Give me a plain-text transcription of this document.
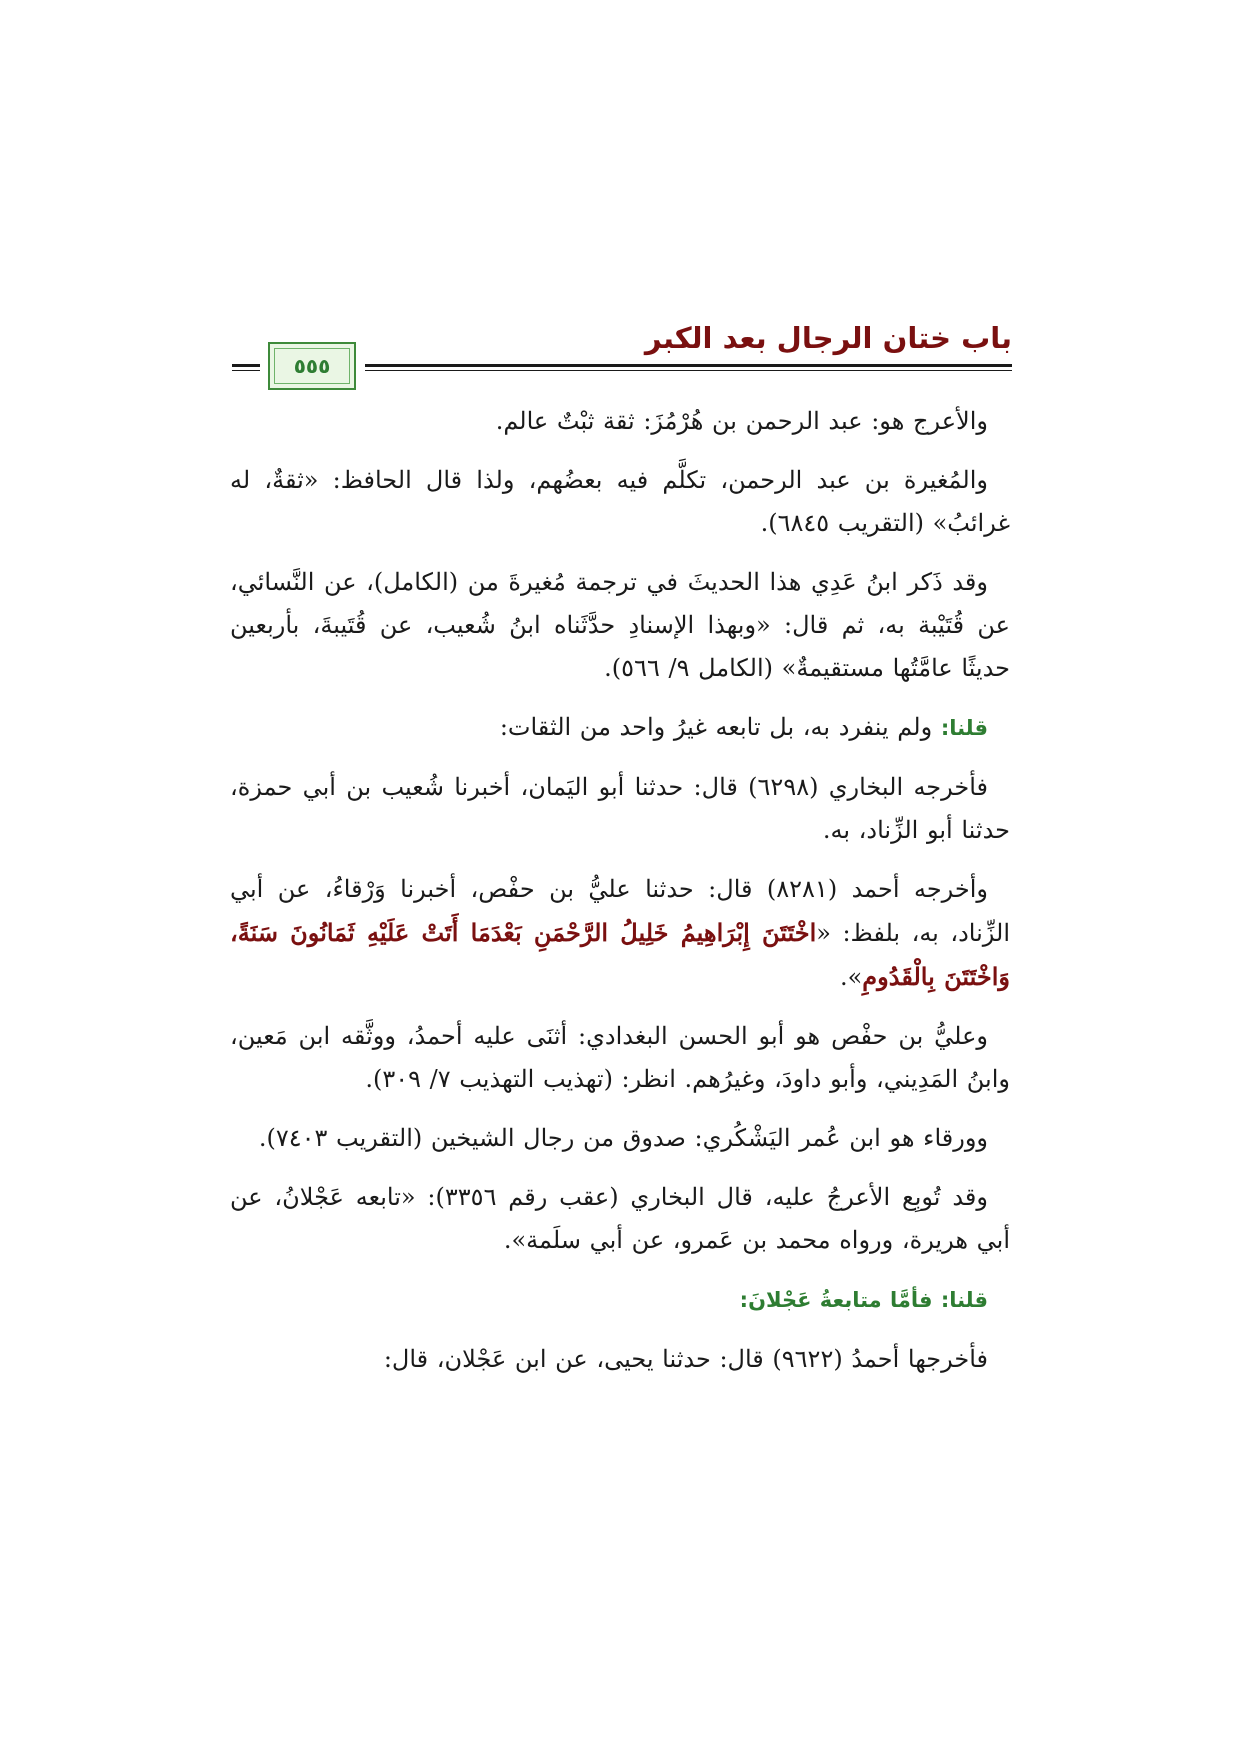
باب ختان الرجال بعد الكبر
٥٥٥

والأعرج هو: عبد الرحمن بن هُرْمُزَ: ثقة ثبْتٌ عالم.

والمُغيرة بن عبد الرحمن، تكلَّم فيه بعضُهم، ولذا قال الحافظ: «ثقةٌ، له غرائبُ» (التقريب ٦٨٤٥).

وقد ذَكر ابنُ عَدِي هذا الحديثَ في ترجمة مُغيرةَ من (الكامل)، عن النَّسائي، عن قُتَيْبة به، ثم قال: «وبهذا الإسنادِ حدَّثَناه ابنُ شُعيب، عن قُتَيبةَ، بأربعين حديثًا عامَّتُها مستقيمةٌ» (الكامل ٩/ ٥٦٦).

قلنا: ولم ينفرد به، بل تابعه غيرُ واحد من الثقات:

فأخرجه البخاري (٦٢٩٨) قال: حدثنا أبو اليَمان، أخبرنا شُعيب بن أبي حمزة، حدثنا أبو الزِّناد، به.

وأخرجه أحمد (٨٢٨١) قال: حدثنا عليُّ بن حفْص، أخبرنا وَرْقاءُ، عن أبي الزِّناد، به، بلفظ: «اخْتَتَنَ إِبْرَاهِيمُ خَلِيلُ الرَّحْمَنِ بَعْدَمَا أَتَتْ عَلَيْهِ ثَمَانُونَ سَنَةً، وَاخْتَتَنَ بِالْقَدُومِ».

وعليُّ بن حفْص هو أبو الحسن البغدادي: أثنَى عليه أحمدُ، ووثَّقه ابن مَعين، وابنُ المَدِيني، وأبو داودَ، وغيرُهم. انظر: (تهذيب التهذيب ٧/ ٣٠٩).

وورقاء هو ابن عُمر اليَشْكُري: صدوق من رجال الشيخين (التقريب ٧٤٠٣).

وقد تُوبِع الأعرجُ عليه، قال البخاري (عقب رقم ٣٣٥٦): «تابعه عَجْلانُ، عن أبي هريرة، ورواه محمد بن عَمرو، عن أبي سلَمة».

قلنا: فأمَّا متابعةُ عَجْلانَ:

فأخرجها أحمدُ (٩٦٢٢) قال: حدثنا يحيى، عن ابن عَجْلان، قال:
